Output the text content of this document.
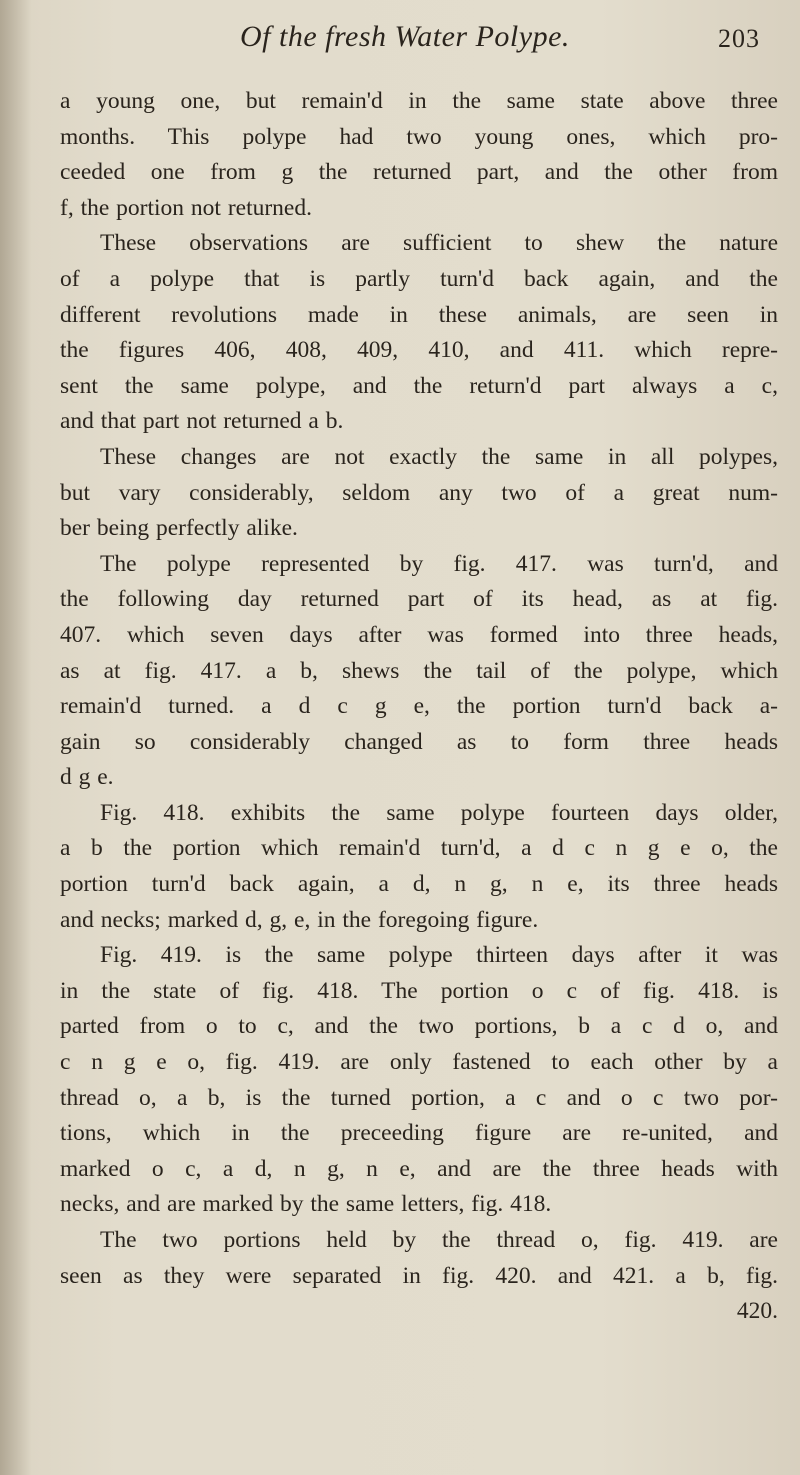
Of the fresh Water Polype.	203
a young one, but remain'd in the same state above three
months. This polype had two young ones, which pro-
ceeded one from g the returned part, and the other from
f, the portion not returned.
These observations are sufficient to shew the nature
of a polype that is partly turn'd back again, and the
different revolutions made in these animals, are seen in
the figures 406, 408, 409, 410, and 411. which repre-
sent the same polype, and the return'd part always a c,
and that part not returned a b.
These changes are not exactly the same in all polypes,
but vary considerably, seldom any two of a great num-
ber being perfectly alike.
The polype represented by fig. 417. was turn'd, and
the following day returned part of its head, as at fig.
407. which seven days after was formed into three heads,
as at fig. 417. a b, shews the tail of the polype, which
remain'd turned. a d c g e, the portion turn'd back a-
gain so considerably changed as to form three heads
d g e.
Fig. 418. exhibits the same polype fourteen days older,
a b the portion which remain'd turn'd, a d c n g e o, the
portion turn'd back again, a d, n g, n e, its three heads
and necks; marked d, g, e, in the foregoing figure.
Fig. 419. is the same polype thirteen days after it was
in the state of fig. 418. The portion o c of fig. 418. is
parted from o to c, and the two portions, b a c d o, and
c n g e o, fig. 419. are only fastened to each other by a
thread o, a b, is the turned portion, a c and o c two por-
tions, which in the preceeding figure are re-united, and
marked o c, a d, n g, n e, and are the three heads with
necks, and are marked by the same letters, fig. 418.
The two portions held by the thread o, fig. 419. are
seen as they were separated in fig. 420. and 421. a b, fig.
420.
